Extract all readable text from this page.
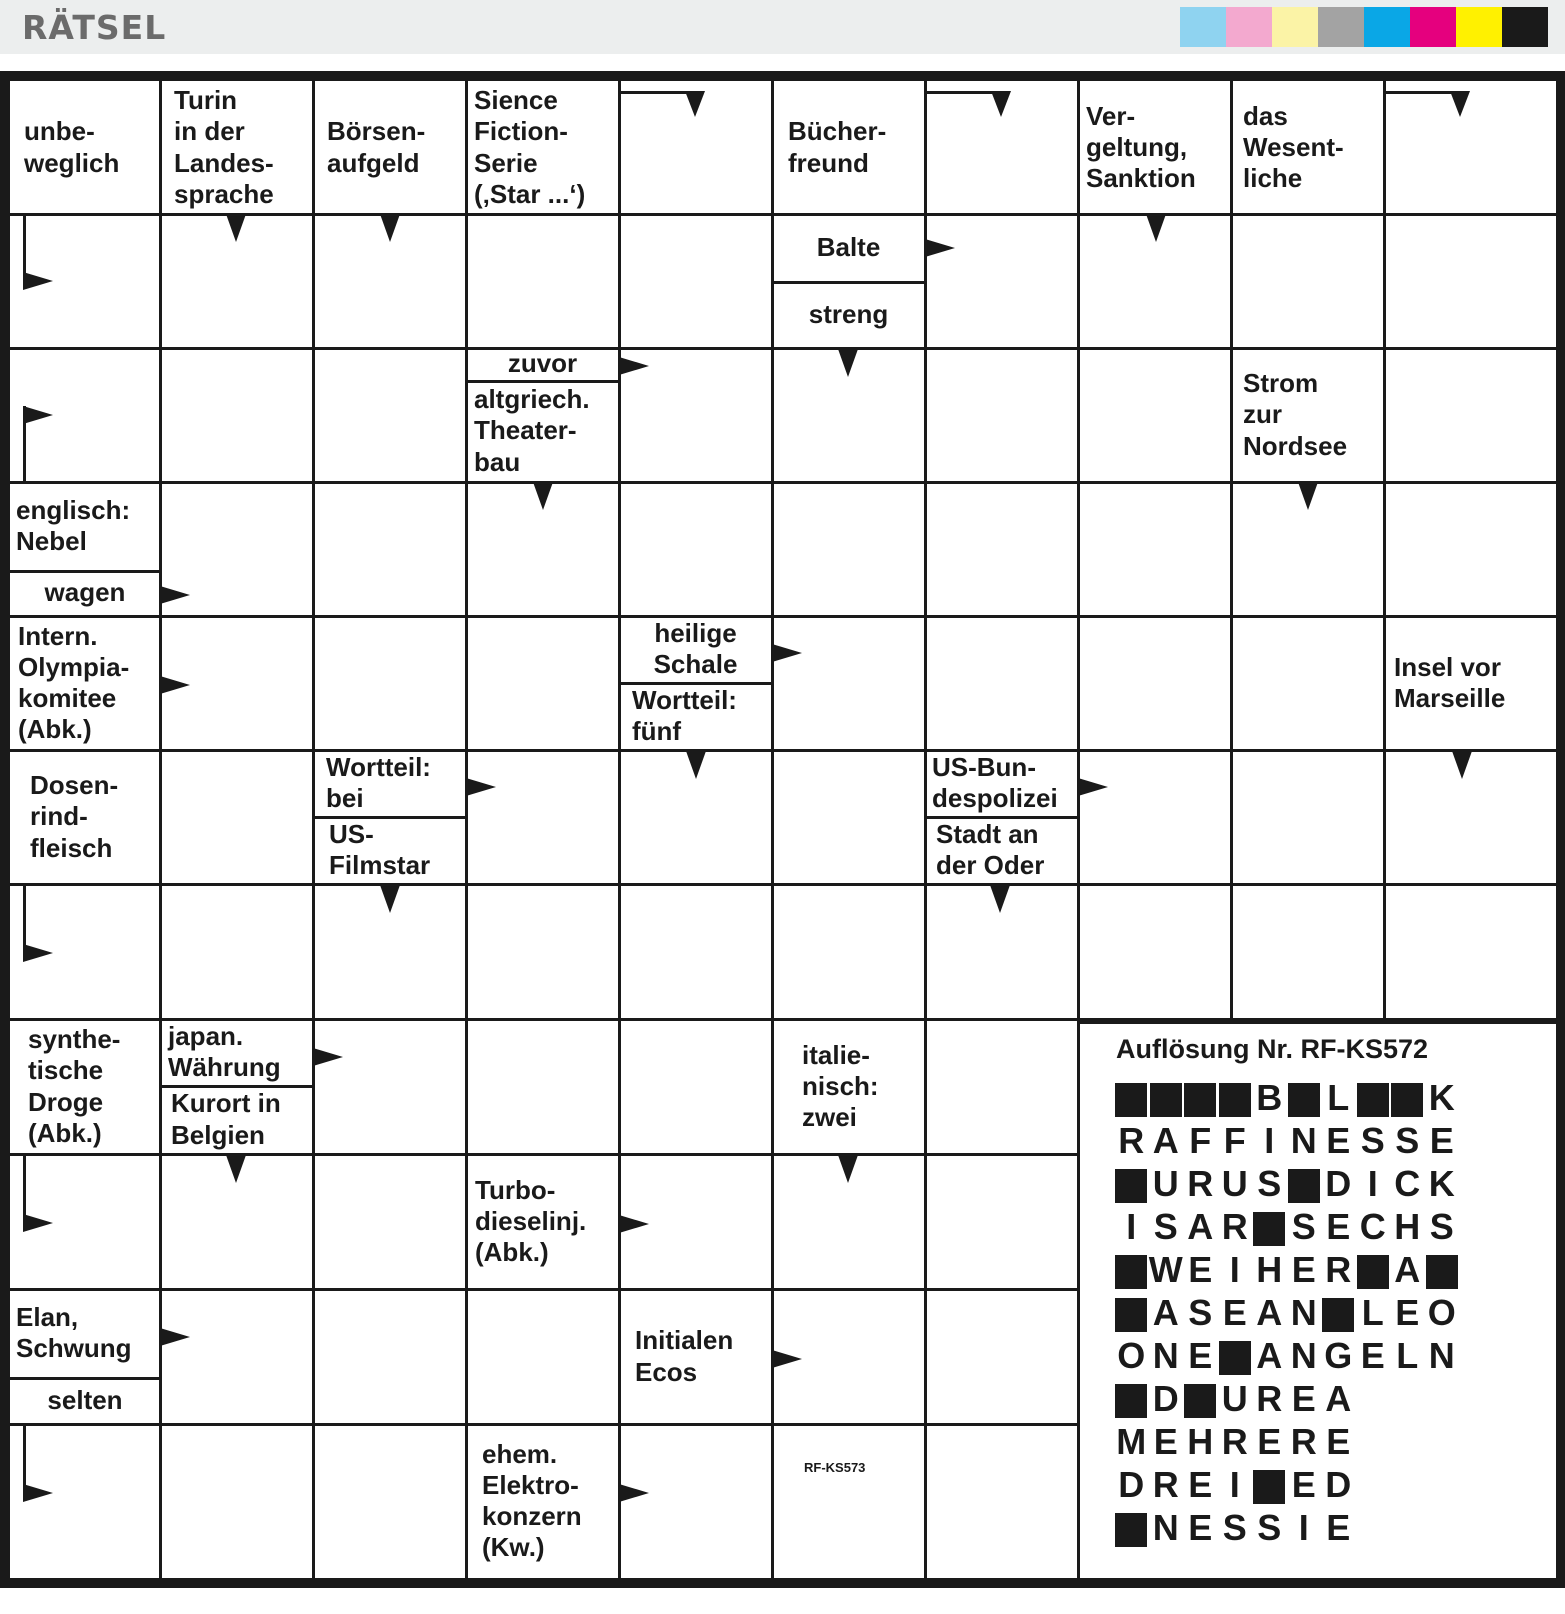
RÄTSEL
unbe-
weglich
Turin
in der
Landes-
sprache
Börsen-
aufgeld
Sience
Fiction-
Serie
(‚Star ...‘)
Bücher-
freund
Ver-
geltung,
Sanktion
das
Wesent-
liche
Balte
streng
zuvor
altgriech.
Theater-
bau
Strom
zur
Nordsee
englisch:
Nebel
wagen
Intern.
Olympia-
komitee
(Abk.)
heilige
Schale
Wortteil:
fünf
Insel vor
Marseille
Dosen-
rind-
fleisch
Wortteil:
bei
US-
Filmstar
US-Bun-
despolizei
Stadt an
der Oder
synthe-
tische
Droge
(Abk.)
japan.
Währung
Kurort in
Belgien
italie-
nisch:
zwei
Turbo-
dieselinj.
(Abk.)
Elan,
Schwung
selten
Initialen
Ecos
ehem.
Elektro-
konzern
(Kw.)
Auflösung Nr. RF-KS572
B L K
R A F F I N E S S E
U R U S D I C K
I S A R S E C H S
W E I H E R A
A S E A N L E O
O N E A N G E L N
D U R E A
M E H R E R E
D R E I	E D
N E S S I E
RF-KS573
